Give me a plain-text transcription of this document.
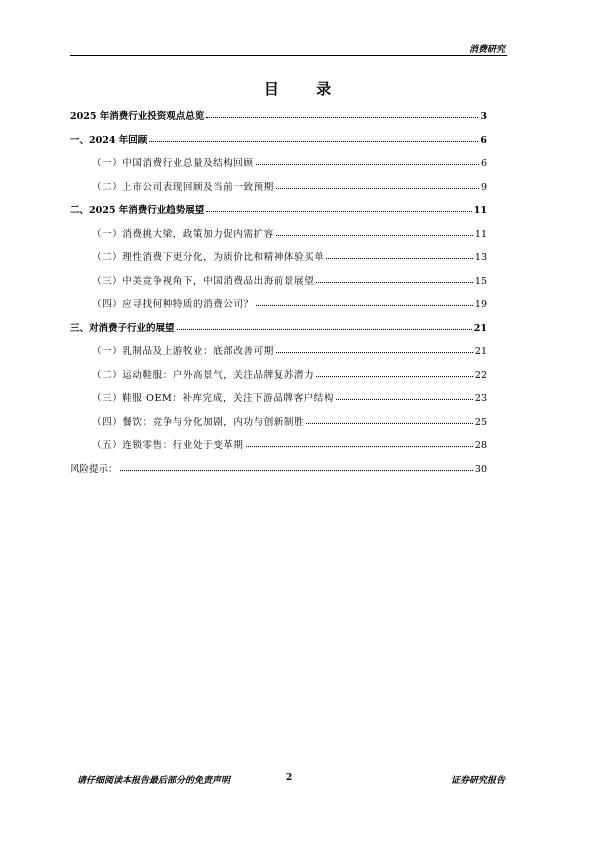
消费研究
目 录
2025 年消费行业投资观点总览	3
一、2024 年回顾	6
（一）中国消费行业总量及结构回顾	6
（二）上市公司表现回顾及当前一致预期	9
二、2025 年消费行业趋势展望	11
（一）消费挑大梁，政策加力促内需扩容	11
（二）理性消费下更分化，为质价比和精神体验买单	13
（三）中美竞争视角下，中国消费品出海前景展望	15
（四）应寻找何种特质的消费公司？	19
三、对消费子行业的展望	21
（一）乳制品及上游牧业：底部改善可期	21
（二）运动鞋服：户外高景气，关注品牌复苏潜力	22
（三）鞋服 OEM：补库完成，关注下游品牌客户结构	23
（四）餐饮：竞争与分化加剧，内功与创新制胜	25
（五）连锁零售：行业处于变革期	28
风险提示：	30
请仔细阅读本报告最后部分的免责声明	2	证券研究报告
